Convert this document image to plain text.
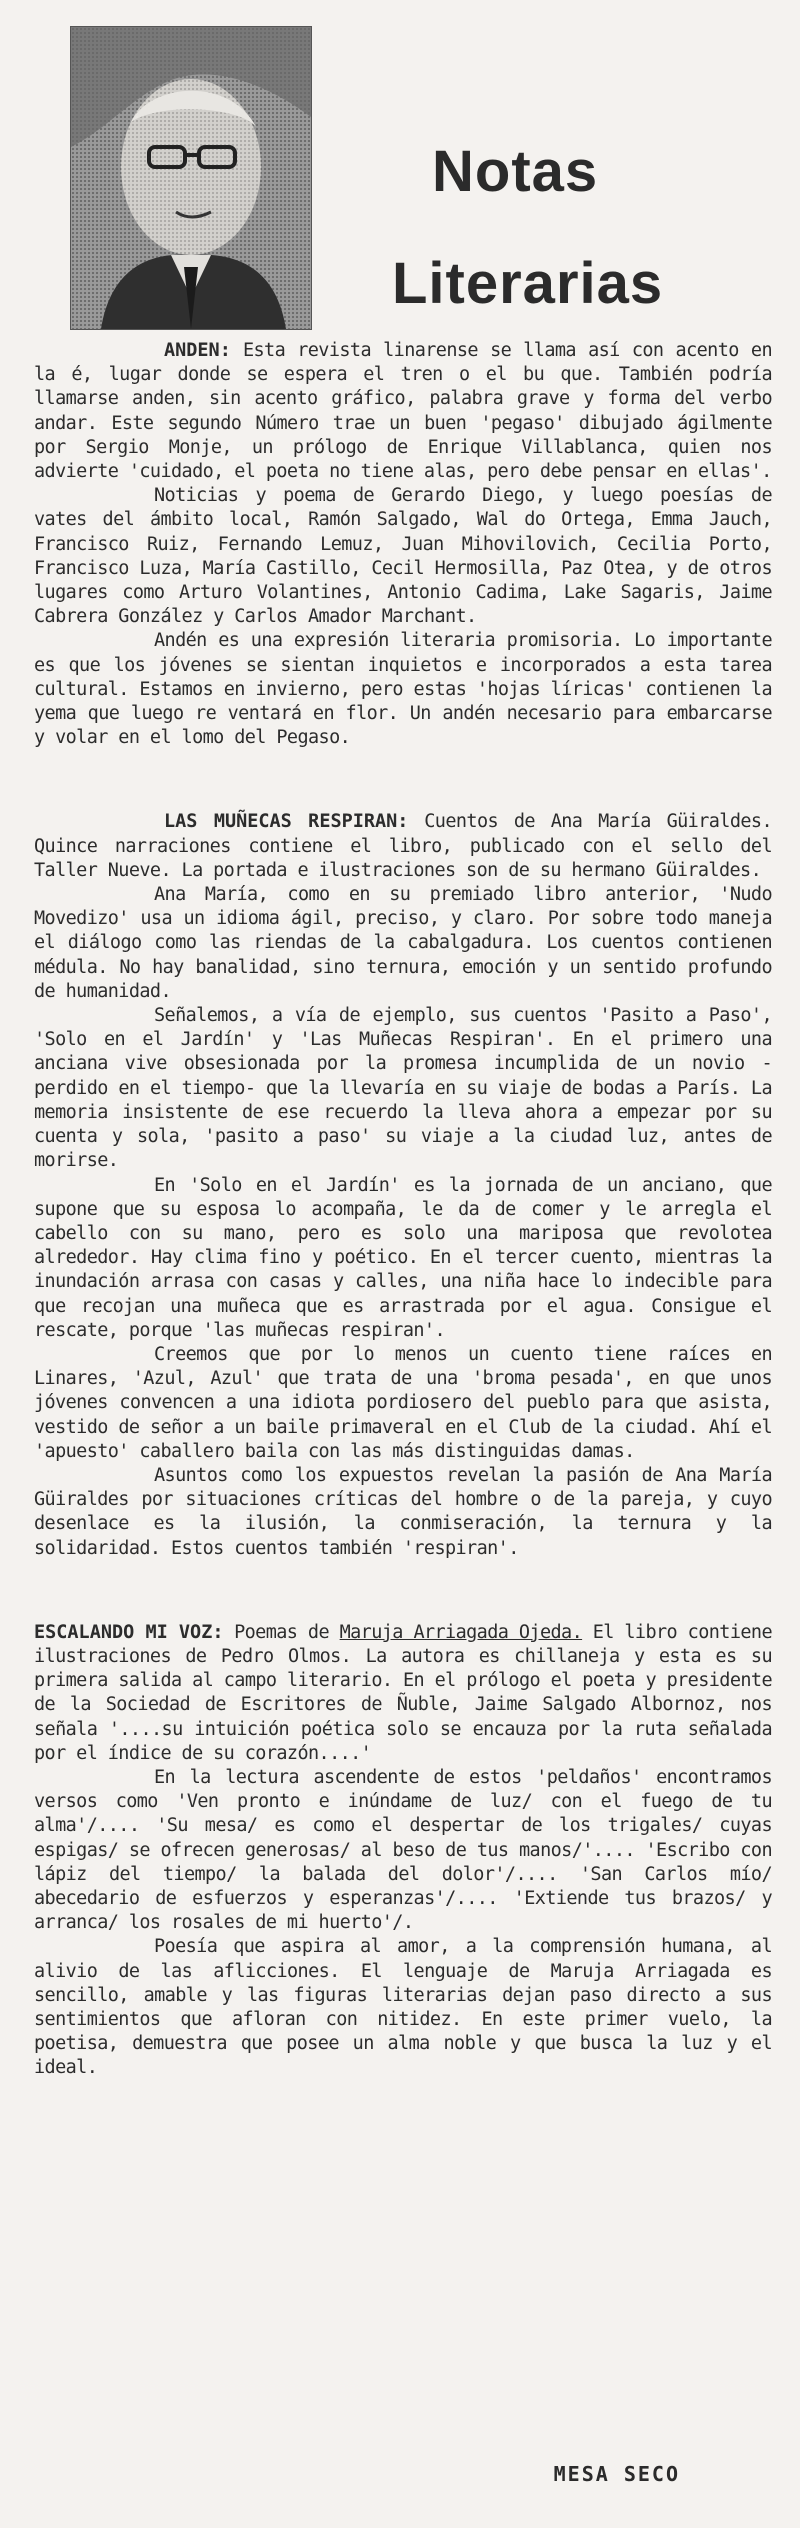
Notas
Literarias

ANDEN: Esta revista linarense se llama así con acento en la é, lugar donde se espera el tren o el bu que. También podría llamarse anden, sin acento gráfico, palabra grave y forma del verbo andar. Este segundo Número trae un buen 'pegaso' dibujado ágilmente por Sergio Monje, un prólogo de Enrique Villablanca, quien nos advierte 'cuidado, el poeta no tiene alas, pero debe pensar en ellas'.

Noticias y poema de Gerardo Diego, y luego poesías de vates del ámbito local, Ramón Salgado, Wal do Ortega, Emma Jauch, Francisco Ruiz, Fernando Lemuz, Juan Mihovilovich, Cecilia Porto, Francisco Luza, María Castillo, Cecil Hermosilla, Paz Otea, y de otros lugares como Arturo Volantines, Antonio Cadima, Lake Sagaris, Jaime Cabrera González y Carlos Amador Marchant.

Andén es una expresión literaria promisoria. Lo importante es que los jóvenes se sientan inquietos e incorporados a esta tarea cultural. Estamos en invierno, pero estas 'hojas líricas' contienen la yema que luego re ventará en flor. Un andén necesario para embarcarse y volar en el lomo del Pegaso.

LAS MUÑECAS RESPIRAN: Cuentos de Ana María Güiraldes. Quince narraciones contiene el libro, publicado con el sello del Taller Nueve. La portada e ilustraciones son de su hermano Güiraldes.

Ana María, como en su premiado libro anterior, 'Nudo Movedizo' usa un idioma ágil, preciso, y claro. Por sobre todo maneja el diálogo como las riendas de la cabalgadura. Los cuentos contienen médula. No hay banalidad, sino ternura, emoción y un sentido profundo de humanidad.

Señalemos, a vía de ejemplo, sus cuentos 'Pasito a Paso', 'Solo en el Jardín' y 'Las Muñecas Respiran'. En el primero una anciana vive obsesionada por la promesa incumplida de un novio -perdido en el tiempo- que la llevaría en su viaje de bodas a París. La memoria insistente de ese recuerdo la lleva ahora a empezar por su cuenta y sola, 'pasito a paso' su viaje a la ciudad luz, antes de morirse.

En 'Solo en el Jardín' es la jornada de un anciano, que supone que su esposa lo acompaña, le da de comer y le arregla el cabello con su mano, pero es solo una mariposa que revolotea alrededor. Hay clima fino y poético. En el tercer cuento, mientras la inundación arrasa con casas y calles, una niña hace lo indecible para que recojan una muñeca que es arrastrada por el agua. Consigue el rescate, porque 'las muñecas respiran'.

Creemos que por lo menos un cuento tiene raíces en Linares, 'Azul, Azul' que trata de una 'broma pesada', en que unos jóvenes convencen a una idiota pordiosero del pueblo para que asista, vestido de señor a un baile primaveral en el Club de la ciudad. Ahí el 'apuesto' caballero baila con las más distinguidas damas.

Asuntos como los expuestos revelan la pasión de Ana María Güiraldes por situaciones críticas del hombre o de la pareja, y cuyo desenlace es la ilusión, la conmiseración, la ternura y la solidaridad. Estos cuentos también 'respiran'.

ESCALANDO MI VOZ: Poemas de Maruja Arriagada Ojeda. El libro contiene ilustraciones de Pedro Olmos. La autora es chillaneja y esta es su primera salida al campo literario. En el prólogo el poeta y presidente de la Sociedad de Escritores de Ñuble, Jaime Salgado Albornoz, nos señala '....su intuición poética solo se encauza por la ruta señalada por el índice de su corazón....'

En la lectura ascendente de estos 'peldaños' encontramos versos como 'Ven pronto e inúndame de luz/ con el fuego de tu alma'/.... 'Su mesa/ es como el despertar de los trigales/ cuyas espigas/ se ofrecen generosas/ al beso de tus manos/'.... 'Escribo con lápiz del tiempo/ la balada del dolor'/.... 'San Carlos mío/ abecedario de esfuerzos y esperanzas'/.... 'Extiende tus brazos/ y arranca/ los rosales de mi huerto'/.

Poesía que aspira al amor, a la comprensión humana, al alivio de las aflicciones. El lenguaje de Maruja Arriagada es sencillo, amable y las figuras literarias dejan paso directo a sus sentimientos que afloran con nitidez. En este primer vuelo, la poetisa, demuestra que posee un alma noble y que busca la luz y el ideal.

MESA SECO
